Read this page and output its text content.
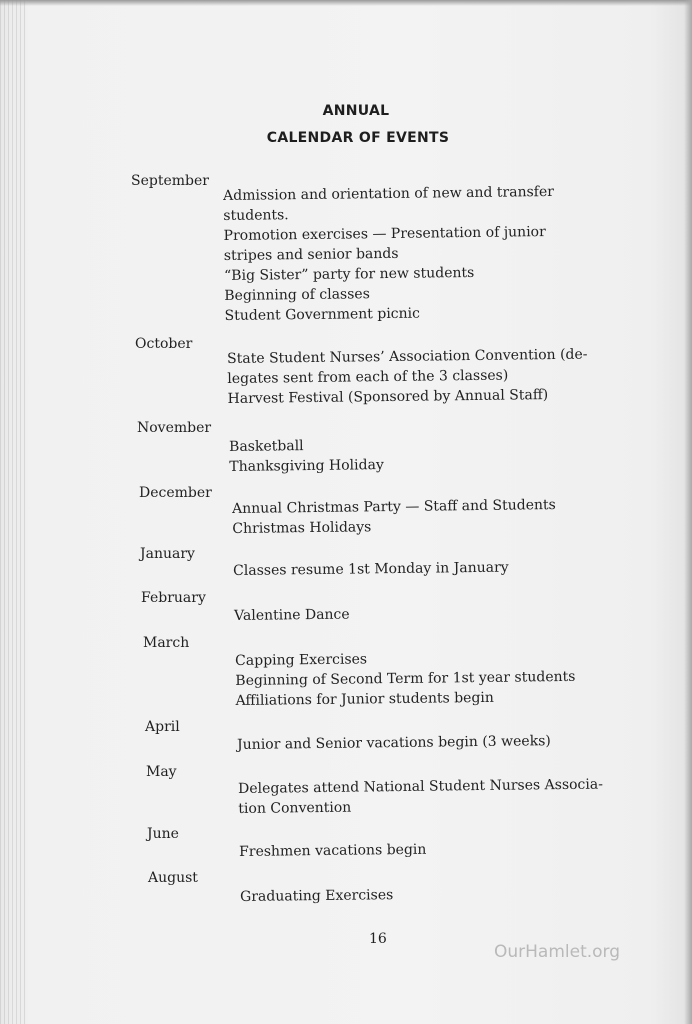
ANNUAL
CALENDAR OF EVENTS
September
Admission and orientation of new and transfer
students.
Promotion exercises — Presentation of junior
stripes and senior bands
“Big Sister” party for new students
Beginning of classes
Student Government picnic
October
State Student Nurses’ Association Convention (de-
legates sent from each of the 3 classes)
Harvest Festival (Sponsored by Annual Staff)
November
Basketball
Thanksgiving Holiday
December
Annual Christmas Party — Staff and Students
Christmas Holidays
January
Classes resume 1st Monday in January
February
Valentine Dance
March
Capping Exercises
Beginning of Second Term for 1st year students
Affiliations for Junior students begin
April
Junior and Senior vacations begin (3 weeks)
May
Delegates attend National Student Nurses Associa-
tion Convention
June
Freshmen vacations begin
August
Graduating Exercises
16
OurHamlet.org
